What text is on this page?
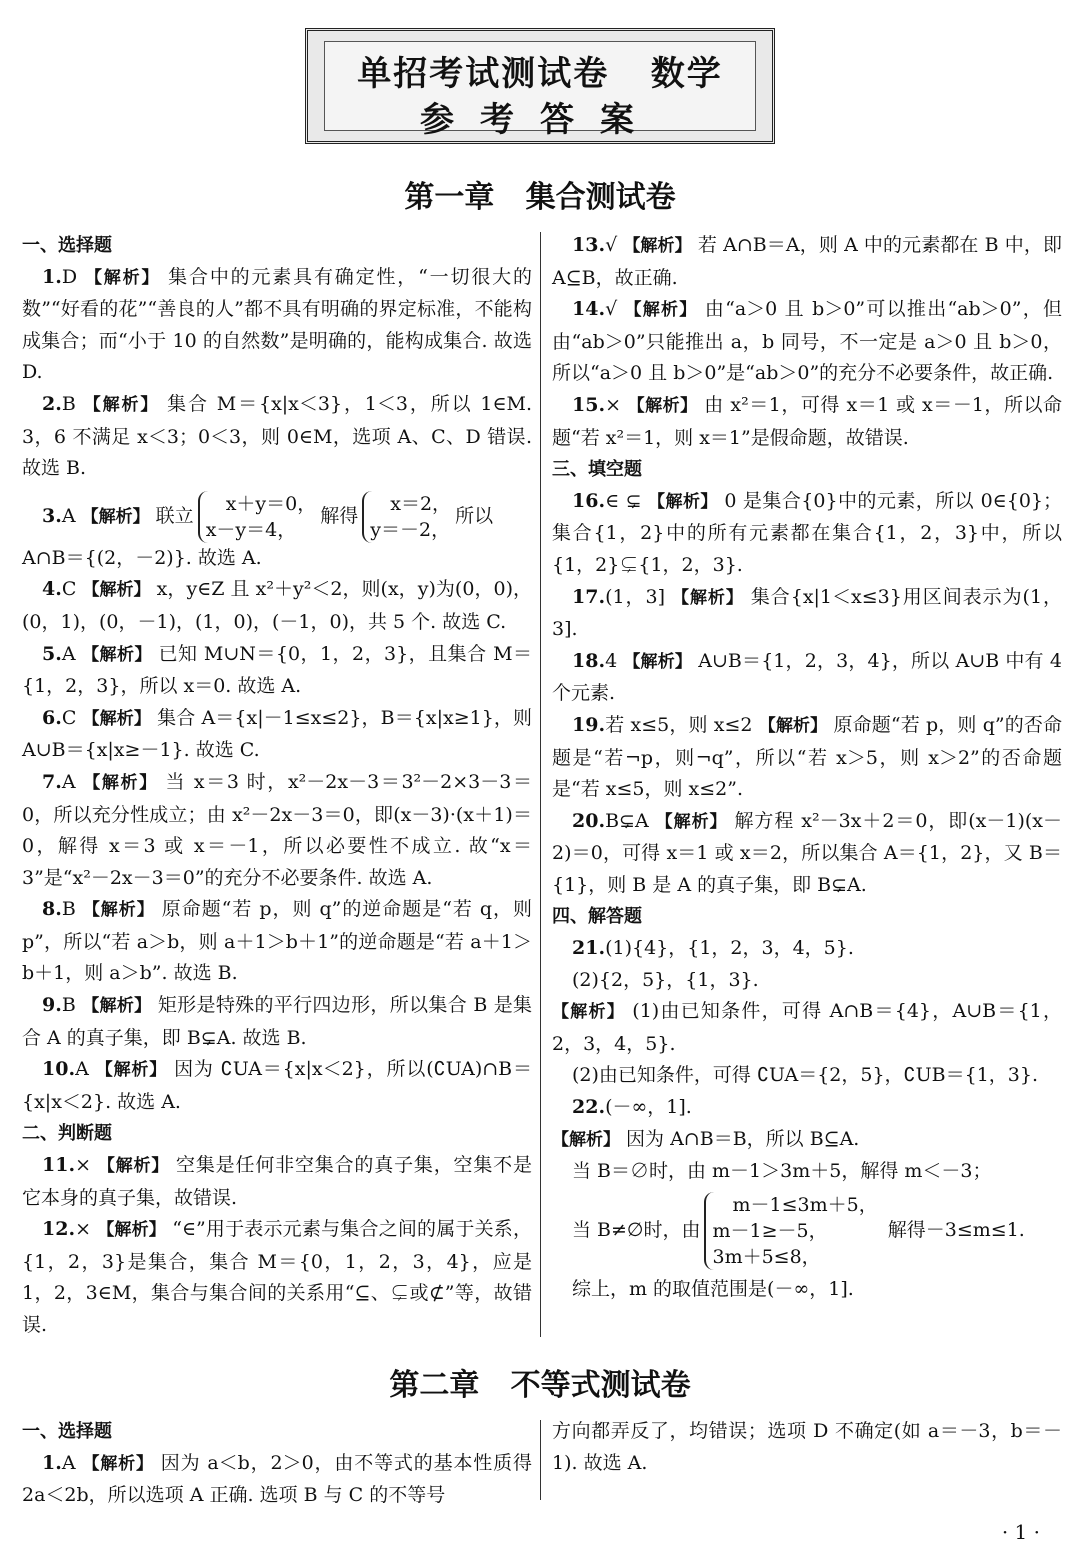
单招考试测试卷   数学
参考答案
第一章   集合测试卷

一、选择题

1.D 【解析】 集合中的元素具有确定性，“一切很大的数”“好看的花”“善良的人”都不具有明确的界定标准，不能构成集合；而“小于 10 的自然数”是明确的，能构成集合. 故选 D.

2.B 【解析】 集合 M＝{x|x＜3}，1＜3，所以 1∈M. 3，6 不满足 x＜3；0＜3，则 0∈M，选项 A、C、D 错误. 故选 B.

3.A 【解析】 联立x＋y＝0，
x－y＝4，解得x＝2，
y＝－2，所以

A∩B＝{(2，－2)}. 故选 A.

4.C 【解析】 x，y∈Z 且 x²＋y²＜2，则(x，y)为(0，0)，(0，1)，(0，－1)，(1，0)，(－1，0)，共 5 个. 故选 C.

5.A 【解析】 已知 M∪N＝{0，1，2，3}，且集合 M＝{1，2，3}，所以 x＝0. 故选 A.

6.C 【解析】 集合 A＝{x|－1≤x≤2}，B＝{x|x≥1}，则 A∪B＝{x|x≥－1}. 故选 C.

7.A 【解析】 当 x＝3 时，x²－2x－3＝3²－2×3－3＝0，所以充分性成立；由 x²－2x－3＝0，即(x－3)·(x＋1)＝0，解得 x＝3 或 x＝－1，所以必要性不成立. 故“x＝3”是“x²－2x－3＝0”的充分不必要条件. 故选 A.

8.B 【解析】 原命题“若 p，则 q”的逆命题是“若 q，则 p”，所以“若 a＞b，则 a＋1＞b＋1”的逆命题是“若 a＋1＞b＋1，则 a＞b”. 故选 B.

9.B 【解析】 矩形是特殊的平行四边形，所以集合 B 是集合 A 的真子集，即 B⊊A. 故选 B.

10.A 【解析】 因为 ∁UA＝{x|x＜2}，所以(∁UA)∩B＝{x|x＜2}. 故选 A.

二、判断题

11.× 【解析】 空集是任何非空集合的真子集，空集不是它本身的真子集，故错误.

12.× 【解析】 “∈”用于表示元素与集合之间的属于关系，{1，2，3}是集合，集合 M＝{0，1，2，3，4}，应是 1，2，3∈M，集合与集合间的关系用“⊆、⊊或⊄”等，故错误.

13.√ 【解析】 若 A∩B＝A，则 A 中的元素都在 B 中，即 A⊆B，故正确.

14.√ 【解析】 由“a＞0 且 b＞0”可以推出“ab＞0”，但由“ab＞0”只能推出 a，b 同号，不一定是 a＞0 且 b＞0，所以“a＞0 且 b＞0”是“ab＞0”的充分不必要条件，故正确.

15.× 【解析】 由 x²＝1，可得 x＝1 或 x＝－1，所以命题“若 x²＝1，则 x＝1”是假命题，故错误.

三、填空题

16.∈ ⊊ 【解析】 0 是集合{0}中的元素，所以 0∈{0}；集合{1，2}中的所有元素都在集合{1，2，3}中，所以{1，2}⊊{1，2，3}.

17.(1，3] 【解析】 集合{x|1＜x≤3}用区间表示为(1，3].

18.4 【解析】 A∪B＝{1，2，3，4}，所以 A∪B 中有 4 个元素.

19.若 x≤5，则 x≤2 【解析】 原命题“若 p，则 q”的否命题是“若¬p，则¬q”，所以“若 x＞5，则 x＞2”的否命题是“若 x≤5，则 x≤2”.

20.B⊊A 【解析】 解方程 x²－3x＋2＝0，即(x－1)(x－2)＝0，可得 x＝1 或 x＝2，所以集合 A＝{1，2}，又 B＝{1}，则 B 是 A 的真子集，即 B⊊A.

四、解答题

21.(1){4}，{1，2，3，4，5}.

(2){2，5}，{1，3}.

【解析】 (1)由已知条件，可得 A∩B＝{4}，A∪B＝{1，2，3，4，5}.

(2)由已知条件，可得 ∁UA＝{2，5}，∁UB＝{1，3}.

22.(－∞，1].

【解析】 因为 A∩B＝B，所以 B⊆A.

当 B＝∅时，由 m－1＞3m＋5，解得 m＜－3；

当 B≠∅时，由m－1≤3m＋5，
m－1≥－5，
3m＋5≤8， 解得－3≤m≤1.

综上，m 的取值范围是(－∞，1].

第二章   不等式测试卷

一、选择题

1.A 【解析】 因为 a＜b，2＞0，由不等式的基本性质得 2a＜2b，所以选项 A 正确. 选项 B 与 C 的不等号

方向都弄反了，均错误；选项 D 不确定(如 a＝－3，b＝－1). 故选 A.

· 1 ·
